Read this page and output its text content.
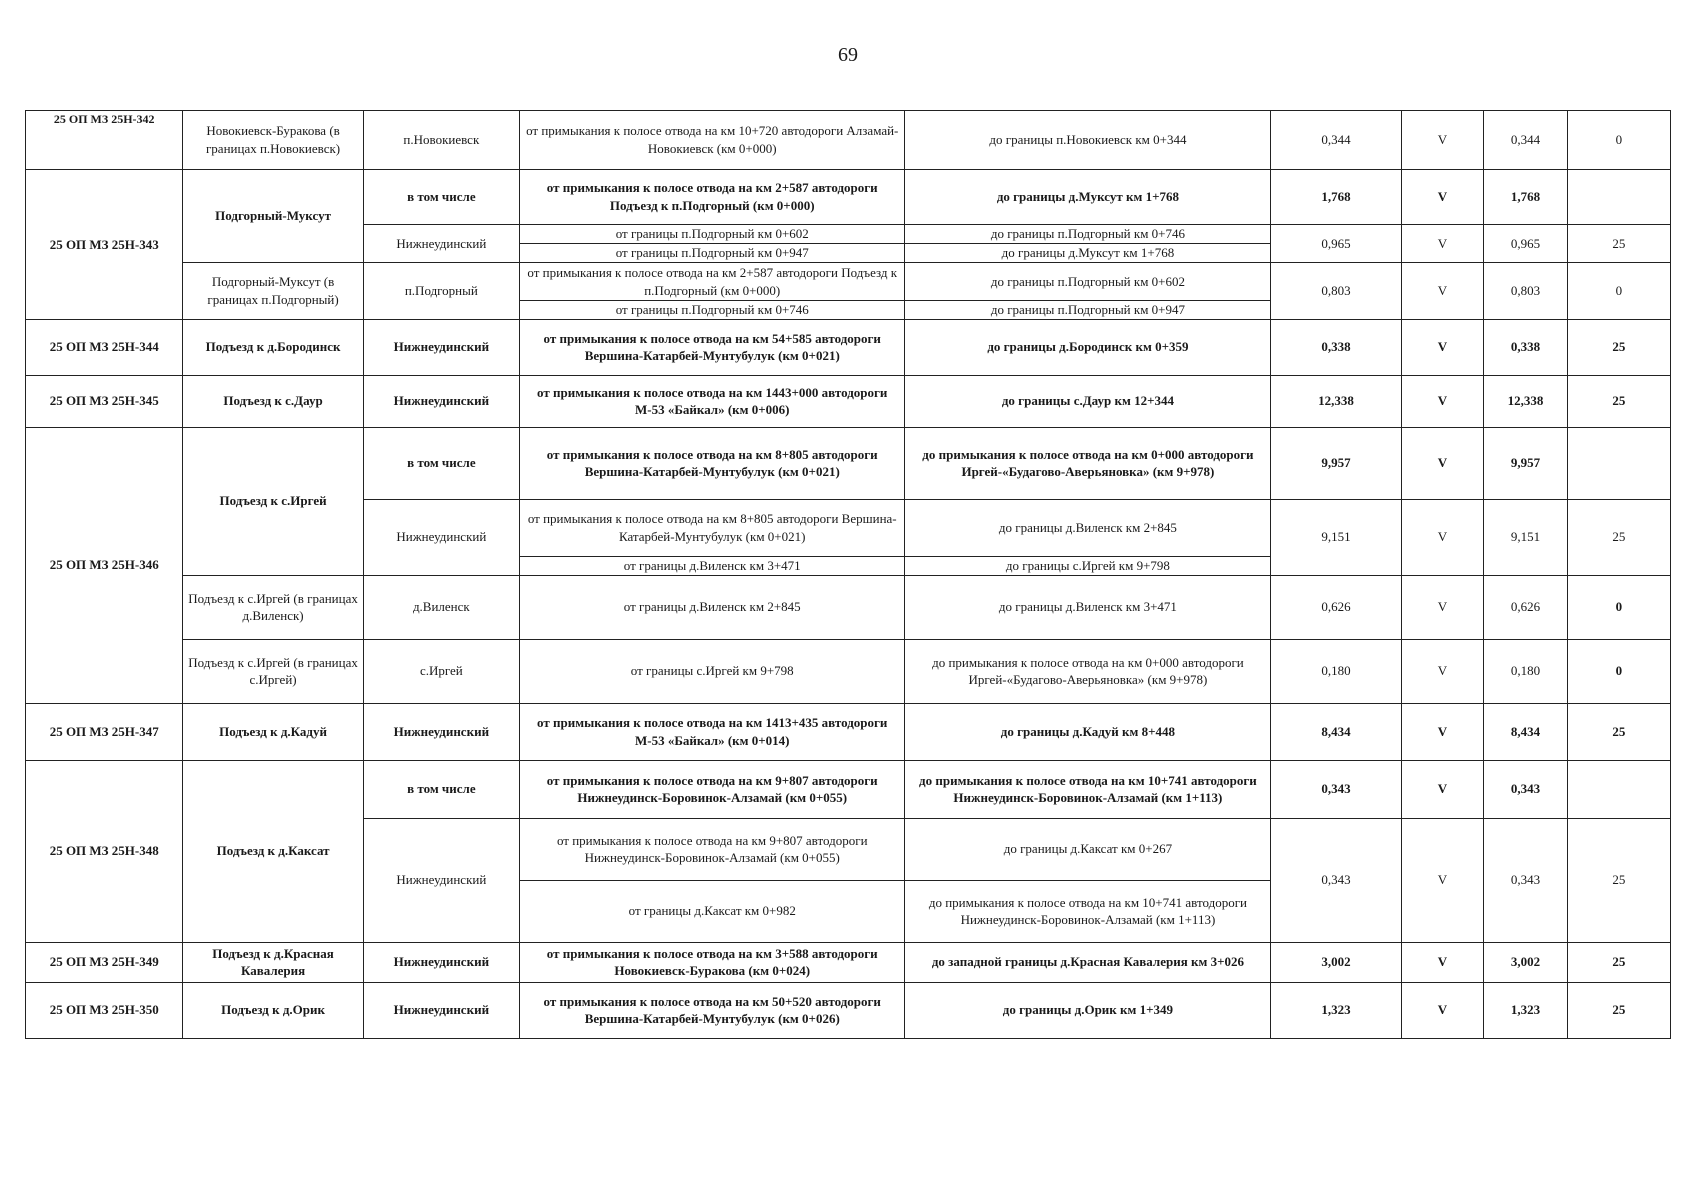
69
25 ОП МЗ 25Н-342	Новокиевск-Буракова (в границах п.Новокиевск)	п.Новокиевск	от примыкания к полосе отвода на км 10+720 автодороги Алзамай-Новокиевск (км 0+000)	до границы п.Новокиевск км 0+344	0,344	V	0,344	0
25 ОП МЗ 25Н-343	Подгорный-Муксут	в том числе	от примыкания к полосе отвода на км 2+587 автодороги Подъезд к п.Подгорный (км 0+000)	до границы д.Муксут км 1+768	1,768	V	1,768	
		Нижнеудинский	от границы п.Подгорный км 0+602	до границы п.Подгорный км 0+746	0,965	V	0,965	25
			от границы п.Подгорный км 0+947	до границы д.Муксут км 1+768				
	Подгорный-Муксут (в границах п.Подгорный)	п.Подгорный	от примыкания к полосе отвода на км 2+587 автодороги Подъезд к п.Подгорный (км 0+000)	до границы п.Подгорный км 0+602	0,803	V	0,803	0
			от границы п.Подгорный км 0+746	до границы п.Подгорный км 0+947				
25 ОП МЗ 25Н-344	Подъезд к д.Бородинск	Нижнеудинский	от примыкания к полосе отвода на км 54+585 автодороги Вершина-Катарбей-Мунтубулук (км 0+021)	до границы д.Бородинск км 0+359	0,338	V	0,338	25
25 ОП МЗ 25Н-345	Подъезд к с.Даур	Нижнеудинский	от примыкания к полосе отвода на км 1443+000 автодороги М-53 «Байкал» (км 0+006)	до границы с.Даур км 12+344	12,338	V	12,338	25
25 ОП МЗ 25Н-346	Подъезд к с.Иргей	в том числе	от примыкания к полосе отвода на км 8+805 автодороги Вершина-Катарбей-Мунтубулук (км 0+021)	до примыкания к полосе отвода на км 0+000 автодороги Иргей-«Будагово-Аверьяновка» (км 9+978)	9,957	V	9,957	
		Нижнеудинский	от примыкания к полосе отвода на км 8+805 автодороги Вершина-Катарбей-Мунтубулук (км 0+021)	до границы д.Виленск км 2+845	9,151	V	9,151	25
			от границы д.Виленск км 3+471	до границы с.Иргей км 9+798				
	Подъезд к с.Иргей (в границах д.Виленск)	д.Виленск	от границы д.Виленск км 2+845	до границы д.Виленск км 3+471	0,626	V	0,626	0
	Подъезд к с.Иргей (в границах с.Иргей)	с.Иргей	от границы с.Иргей км 9+798	до примыкания к полосе отвода на км 0+000 автодороги Иргей-«Будагово-Аверьяновка» (км 9+978)	0,180	V	0,180	0
25 ОП МЗ 25Н-347	Подъезд к д.Кадуй	Нижнеудинский	от примыкания к полосе отвода на км 1413+435 автодороги М-53 «Байкал» (км 0+014)	до границы д.Кадуй км 8+448	8,434	V	8,434	25
25 ОП МЗ 25Н-348	Подъезд к д.Каксат	в том числе	от примыкания к полосе отвода на км 9+807 автодороги Нижнеудинск-Боровинок-Алзамай (км 0+055)	до примыкания к полосе отвода на км 10+741 автодороги Нижнеудинск-Боровинок-Алзамай (км 1+113)	0,343	V	0,343	
		Нижнеудинский	от примыкания к полосе отвода на км 9+807 автодороги Нижнеудинск-Боровинок-Алзамай (км 0+055)	до границы д.Каксат км 0+267	0,343	V	0,343	25
			от границы д.Каксат км 0+982	до примыкания к полосе отвода на км 10+741 автодороги Нижнеудинск-Боровинок-Алзамай (км 1+113)				
25 ОП МЗ 25Н-349	Подъезд к д.Красная Кавалерия	Нижнеудинский	от примыкания к полосе отвода на км 3+588 автодороги Новокиевск-Буракова (км 0+024)	до западной границы д.Красная Кавалерия км 3+026	3,002	V	3,002	25
25 ОП МЗ 25Н-350	Подъезд к д.Орик	Нижнеудинский	от примыкания к полосе отвода на км 50+520 автодороги Вершина-Катарбей-Мунтубулук (км 0+026)	до границы д.Орик км 1+349	1,323	V	1,323	25
